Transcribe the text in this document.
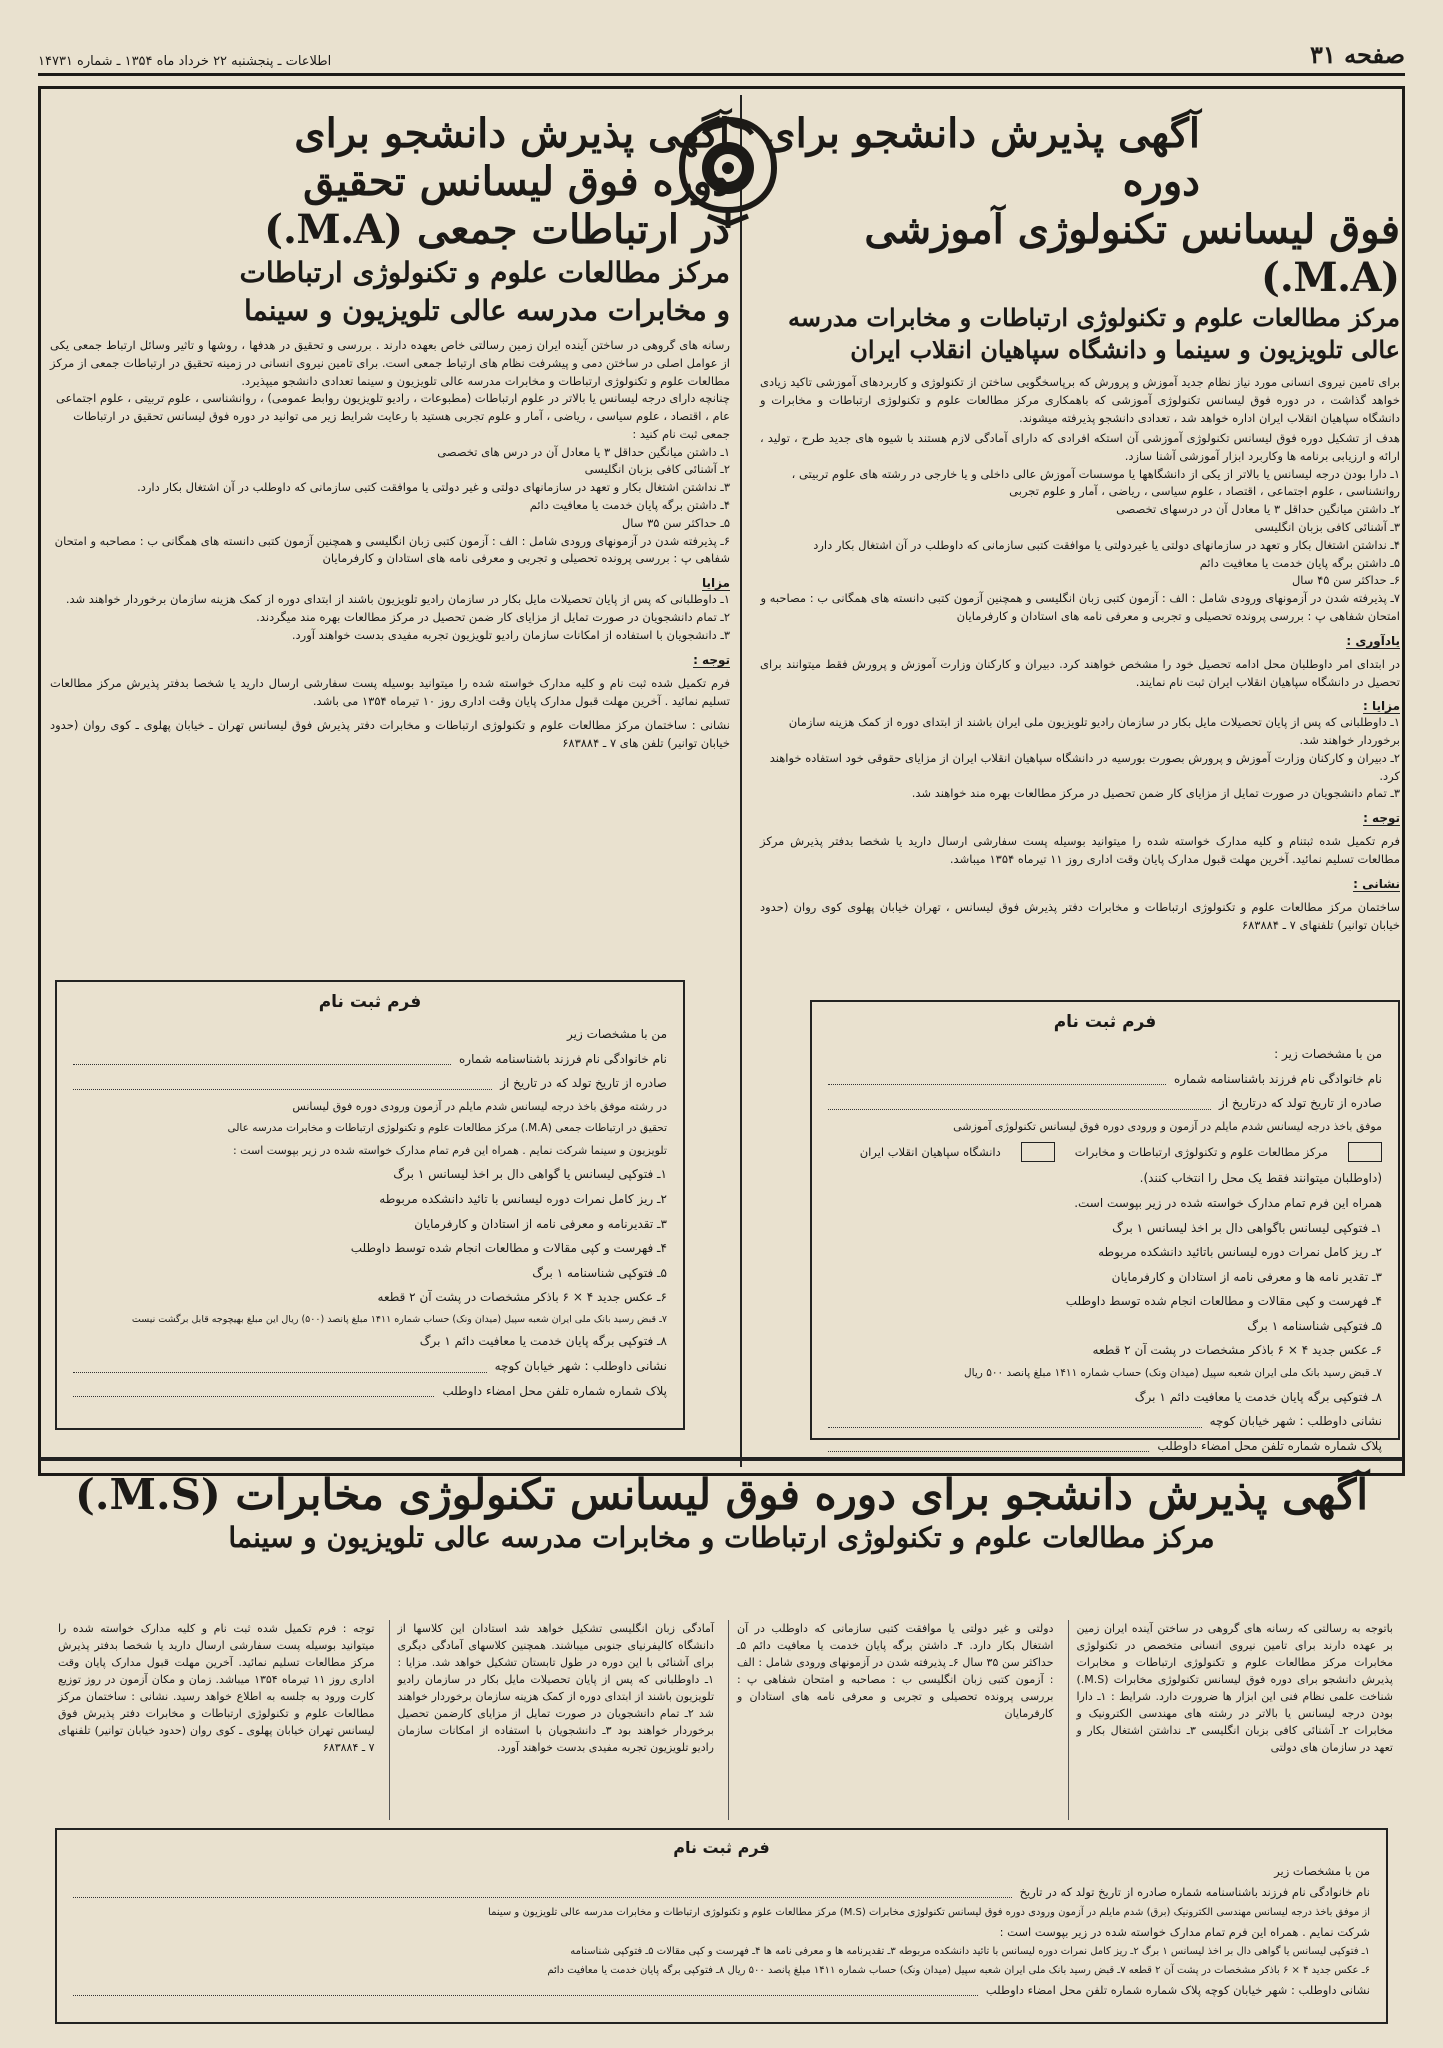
صفحه ۳۱
اطلاعات ـ پنجشنبه ۲۲ خرداد ماه ۱۳۵۴ ـ شماره ۱۴۷۳۱
آگهی پذیرش دانشجو برای دوره
فوق لیسانس تکنولوژی آموزشی (M.A.)
مرکز مطالعات علوم و تکنولوژی ارتباطات و مخابرات مدرسه
عالی تلویزیون و سینما و دانشگاه سپاهیان انقلاب ایران

برای تامین نیروی انسانی مورد نیاز نظام جدید آموزش و پرورش که برپاسخگویی ساختن از تکنولوژی و کاربردهای آموزشی تاکید زیادی خواهد گذاشت ، در دوره فوق لیسانس تکنولوژی آموزشی که باهمکاری مرکز مطالعات علوم و تکنولوژی ارتباطات و مخابرات و دانشگاه سپاهیان انقلاب ایران اداره خواهد شد ، تعدادی دانشجو پذیرفته میشوند.

هدف از تشکیل دوره فوق لیسانس تکنولوژی آموزشی آن استکه افرادی که دارای آمادگی لازم هستند با شیوه های جدید طرح ، تولید ، ارائه و ارزیابی برنامه ها وکاربرد ابزار آموزشی آشنا سازد.

۱ـ دارا بودن درجه لیسانس یا بالاتر از یکی از دانشگاهها یا موسسات آموزش عالی داخلی و یا خارجی در رشته های علوم تربیتی ، روانشناسی ، علوم اجتماعی ، اقتصاد ، علوم سیاسی ، ریاضی ، آمار و علوم تجربی
۲ـ داشتن میانگین حداقل ۳ یا معادل آن در درسهای تخصصی
۳ـ آشنائی کافی بزبان انگلیسی
۴ـ نداشتن اشتغال بکار و تعهد در سازمانهای دولتی یا غیردولتی یا موافقت کتبی سازمانی که داوطلب در آن اشتغال بکار دارد
۵ـ داشتن برگه پایان خدمت یا معافیت دائم
۶ـ حداکثر سن ۴۵ سال
۷ـ پذیرفته شدن در آزمونهای ورودی شامل : الف : آزمون کتبی زبان انگلیسی و همچنین آزمون کتبی دانسته های همگانی ب : مصاحبه و امتحان شفاهی پ : بررسی پرونده تحصیلی و تجربی و معرفی نامه های استادان و کارفرمایان
یادآوری :

در ابتدای امر داوطلبان محل ادامه تحصیل خود را مشخص خواهند کرد. دبیران و کارکنان وزارت آموزش و پرورش فقط میتوانند برای تحصیل در دانشگاه سپاهیان انقلاب ایران ثبت نام نمایند.

مزایا :
۱ـ داوطلبانی که پس از پایان تحصیلات مایل بکار در سازمان رادیو تلویزیون ملی ایران باشند از ابتدای دوره از کمک هزینه سازمان برخوردار خواهند شد.
۲ـ دبیران و کارکنان وزارت آموزش و پرورش بصورت بورسیه در دانشگاه سپاهیان انقلاب ایران از مزایای حقوقی خود استفاده خواهند کرد.
۳ـ تمام دانشجویان در صورت تمایل از مزایای کار ضمن تحصیل در مرکز مطالعات بهره مند خواهند شد.
توجه :

فرم تکمیل شده ثبتنام و کلیه مدارک خواسته شده را میتوانید بوسیله پست سفارشی ارسال دارید یا شخصا بدفتر پذیرش مرکز مطالعات تسلیم نمائید. آخرین مهلت قبول مدارک پایان وقت اداری روز ۱۱ تیرماه ۱۳۵۴ میباشد.

نشانی :

ساختمان مرکز مطالعات علوم و تکنولوژی ارتباطات و مخابرات دفتر پذیرش فوق لیسانس ، تهران خیابان پهلوی کوی روان (حدود خیابان توانیر) تلفنهای ۷ ـ ۶۸۳۸۸۴

فرم ثبت نام
من با مشخصات زیر :
نام خانوادگی نام فرزند باشناسنامه شماره
صادره از تاریخ تولد که درتاریخ از
موفق باخذ درجه لیسانس شدم مایلم در آزمون و ورودی دوره فوق لیسانس تکنولوژی آموزشی
مرکز مطالعات علوم و تکنولوژی ارتباطات و مخابرات
دانشگاه سپاهیان انقلاب ایران
(داوطلبان میتوانند فقط یک محل را انتخاب کنند).
همراه این فرم تمام مدارک خواسته شده در زیر بپوست است.
۱ـ فتوکپی لیسانس باگواهی دال بر اخذ لیسانس ۱ برگ
۲ـ ریز کامل نمرات دوره لیسانس باتائید دانشکده مربوطه
۳ـ تقدیر نامه ها و معرفی نامه از استادان و کارفرمایان
۴ـ فهرست و کپی مقالات و مطالعات انجام شده توسط داوطلب
۵ـ فتوکپی شناسنامه ۱ برگ
۶ـ عکس جدید ۴ × ۶ باذکر مشخصات در پشت آن ۲ قطعه
۷ـ قبض رسید بانک ملی ایران شعبه سپیل (میدان ونک) حساب شماره ۱۴۱۱ مبلغ پانصد ۵۰۰ ریال
۸ـ فتوکپی برگه پایان خدمت یا معافیت دائم ۱ برگ
نشانی داوطلب : شهر خیابان کوچه
پلاک شماره شماره تلفن محل امضاء داوطلب
آگهی پذیرش دانشجو برای
دوره فوق لیسانس تحقیق
در ارتباطات جمعی (M.A.)
مرکز مطالعات علوم و تکنولوژی ارتباطات
و مخابرات مدرسه عالی تلویزیون و سینما

رسانه های گروهی در ساختن آینده ایران زمین رسالتی خاص بعهده دارند . بررسی و تحقیق در هدفها ، روشها و تاثیر وسائل ارتباط جمعی یکی از عوامل اصلی در ساختن دمی و پیشرفت نظام های ارتباط جمعی است. برای تامین نیروی انسانی در زمینه تحقیق در ارتباطات جمعی از مرکز مطالعات علوم و تکنولوژی ارتباطات و مخابرات مدرسه عالی تلویزیون و سینما تعدادی دانشجو میپذیرد.

چنانچه دارای درجه لیسانس یا بالاتر در علوم ارتباطات (مطبوعات ، رادیو تلویزیون روابط عمومی) ، روانشناسی ، علوم تربیتی ، علوم اجتماعی عام ، اقتصاد ، علوم سیاسی ، ریاضی ، آمار و علوم تجربی هستید با رعایت شرایط زیر می توانید در دوره فوق لیسانس تحقیق در ارتباطات جمعی ثبت نام کنید :
۱ـ داشتن میانگین حداقل ۳ یا معادل آن در درس های تخصصی
۲ـ آشنائی کافی بزبان انگلیسی
۳ـ نداشتن اشتغال بکار و تعهد در سازمانهای دولتی و غیر دولتی یا موافقت کتبی سازمانی که داوطلب در آن اشتغال بکار دارد.
۴ـ داشتن برگه پایان خدمت یا معافیت دائم
۵ـ حداکثر سن ۳۵ سال
۶ـ پذیرفته شدن در آزمونهای ورودی شامل : الف : آزمون کتبی زبان انگلیسی و همچنین آزمون کتبی دانسته های همگانی ب : مصاحبه و امتحان شفاهی پ : بررسی پرونده تحصیلی و تجربی و معرفی نامه های استادان و کارفرمایان
مزایا
۱ـ داوطلبانی که پس از پایان تحصیلات مایل بکار در سازمان رادیو تلویزیون باشند از ابتدای دوره از کمک هزینه سازمان برخوردار خواهند شد.
۲ـ تمام دانشجویان در صورت تمایل از مزایای کار ضمن تحصیل در مرکز مطالعات بهره مند میگردند.
۳ـ دانشجویان با استفاده از امکانات سازمان رادیو تلویزیون تجربه مفیدی بدست خواهند آورد.
توجه :

فرم تکمیل شده ثبت نام و کلیه مدارک خواسته شده را میتوانید بوسیله پست سفارشی ارسال دارید یا شخصا بدفتر پذیرش مرکز مطالعات تسلیم نمائید . آخرین مهلت قبول مدارک پایان وقت اداری روز ۱۰ تیرماه ۱۳۵۴ می باشد.

نشانی : ساختمان مرکز مطالعات علوم و تکنولوژی ارتباطات و مخابرات دفتر پذیرش فوق لیسانس تهران ـ خیابان پهلوی ـ کوی روان (حدود خیابان توانیر) تلفن های ۷ ـ ۶۸۳۸۸۴

فرم ثبت نام
من با مشخصات زیر
نام خانوادگی نام فرزند باشناسنامه شماره
صادره از تاریخ تولد که در تاریخ از
در رشته موفق باخذ درجه لیسانس شدم مایلم در آزمون ورودی دوره فوق لیسانس
تحقیق در ارتباطات جمعی (M.A.) مرکز مطالعات علوم و تکنولوژی ارتباطات و مخابرات مدرسه عالی
تلویزیون و سینما شرکت نمایم . همراه این فرم تمام مدارک خواسته شده در زیر بپوست است :
۱ـ فتوکپی لیسانس یا گواهی دال بر اخذ لیسانس ۱ برگ
۲ـ ریز کامل نمرات دوره لیسانس با تائید دانشکده مربوطه
۳ـ تقدیرنامه و معرفی نامه از استادان و کارفرمایان
۴ـ فهرست و کپی مقالات و مطالعات انجام شده توسط داوطلب
۵ـ فتوکپی شناسنامه ۱ برگ
۶ـ عکس جدید ۴ × ۶ باذکر مشخصات در پشت آن ۲ قطعه
۷ـ قبض رسید بانک ملی ایران شعبه سپیل (میدان ونک) حساب شماره ۱۴۱۱ مبلغ پانصد (۵۰۰) ریال این مبلغ بهیچوجه قابل برگشت نیست
۸ـ فتوکپی برگه پایان خدمت یا معافیت دائم ۱ برگ
نشانی داوطلب : شهر خیابان کوچه
پلاک شماره شماره تلفن محل امضاء داوطلب
آگهی پذیرش دانشجو برای دوره فوق لیسانس تکنولوژی مخابرات (M.S.)
مرکز مطالعات علوم و تکنولوژی ارتباطات و مخابرات مدرسه عالی تلویزیون و سینما
باتوجه به رسالتی که رسانه های گروهی در ساختن آینده ایران زمین بر عهده دارند برای تامین نیروی انسانی متخصص در تکنولوژی مخابرات مرکز مطالعات علوم و تکنولوژی ارتباطات و مخابرات پذیرش دانشجو برای دوره فوق لیسانس تکنولوژی مخابرات (M.S.) شناخت علمی نظام فنی این ابزار ها ضرورت دارد. شرایط : ۱ـ دارا بودن درجه لیسانس یا بالاتر در رشته های مهندسی الکترونیک و مخابرات ۲ـ آشنائی کافی بزبان انگلیسی ۳ـ نداشتن اشتغال بکار و تعهد در سازمان های دولتی
دولتی و غیر دولتی یا موافقت کتبی سازمانی که داوطلب در آن اشتغال بکار دارد. ۴ـ داشتن برگه پایان خدمت یا معافیت دائم ۵ـ حداکثر سن ۳۵ سال ۶ـ پذیرفته شدن در آزمونهای ورودی شامل : الف : آزمون کتبی زبان انگلیسی ب : مصاحبه و امتحان شفاهی پ : بررسی پرونده تحصیلی و تجربی و معرفی نامه های استادان و کارفرمایان
آمادگی زبان انگلیسی تشکیل خواهد شد استادان این کلاسها از دانشگاه کالیفرنیای جنوبی میباشند. همچنین کلاسهای آمادگی دیگری برای آشنائی با این دوره در طول تابستان تشکیل خواهد شد. مزایا : ۱ـ داوطلبانی که پس از پایان تحصیلات مایل بکار در سازمان رادیو تلویزیون باشند از ابتدای دوره از کمک هزینه سازمان برخوردار خواهند شد ۲ـ تمام دانشجویان در صورت تمایل از مزایای کارضمن تحصیل برخوردار خواهند بود ۳ـ دانشجویان با استفاده از امکانات سازمان رادیو تلویزیون تجربه مفیدی بدست خواهند آورد.
توجه : فرم تکمیل شده ثبت نام و کلیه مدارک خواسته شده را میتوانید بوسیله پست سفارشی ارسال دارید یا شخصا بدفتر پذیرش مرکز مطالعات تسلیم نمائید. آخرین مهلت قبول مدارک پایان وقت اداری روز ۱۱ تیرماه ۱۳۵۴ میباشد. زمان و مکان آزمون در روز توزیع کارت ورود به جلسه به اطلاع خواهد رسید. نشانی : ساختمان مرکز مطالعات علوم و تکنولوژی ارتباطات و مخابرات دفتر پذیرش فوق لیسانس تهران خیابان پهلوی ـ کوی روان (حدود خیابان توانیر) تلفنهای ۷ ـ ۶۸۳۸۸۴
فرم ثبت نام
من با مشخصات زیر
نام خانوادگی نام فرزند باشناسنامه شماره صادره از تاریخ تولد که در تاریخ
از موفق باخذ درجه لیسانس مهندسی الکترونیک (برق) شدم مایلم در آزمون ورودی دوره فوق لیسانس تکنولوژی مخابرات (M.S) مرکز مطالعات علوم و تکنولوژی ارتباطات و مخابرات مدرسه عالی تلویزیون و سینما
شرکت نمایم . همراه این فرم تمام مدارک خواسته شده در زیر بپوست است :
۱ـ فتوکپی لیسانس یا گواهی دال بر اخذ لیسانس ۱ برگ ۲ـ ریز کامل نمرات دوره لیسانس با تائید دانشکده مربوطه ۳ـ تقدیرنامه ها و معرفی نامه ها ۴ـ فهرست و کپی مقالات ۵ـ فتوکپی شناسنامه
۶ـ عکس جدید ۴ × ۶ باذکر مشخصات در پشت آن ۲ قطعه ۷ـ قبض رسید بانک ملی ایران شعبه سپیل (میدان ونک) حساب شماره ۱۴۱۱ مبلغ پانصد ۵۰۰ ریال ۸ـ فتوکپی برگه پایان خدمت یا معافیت دائم
نشانی داوطلب : شهر خیابان کوچه پلاک شماره شماره تلفن محل امضاء داوطلب
